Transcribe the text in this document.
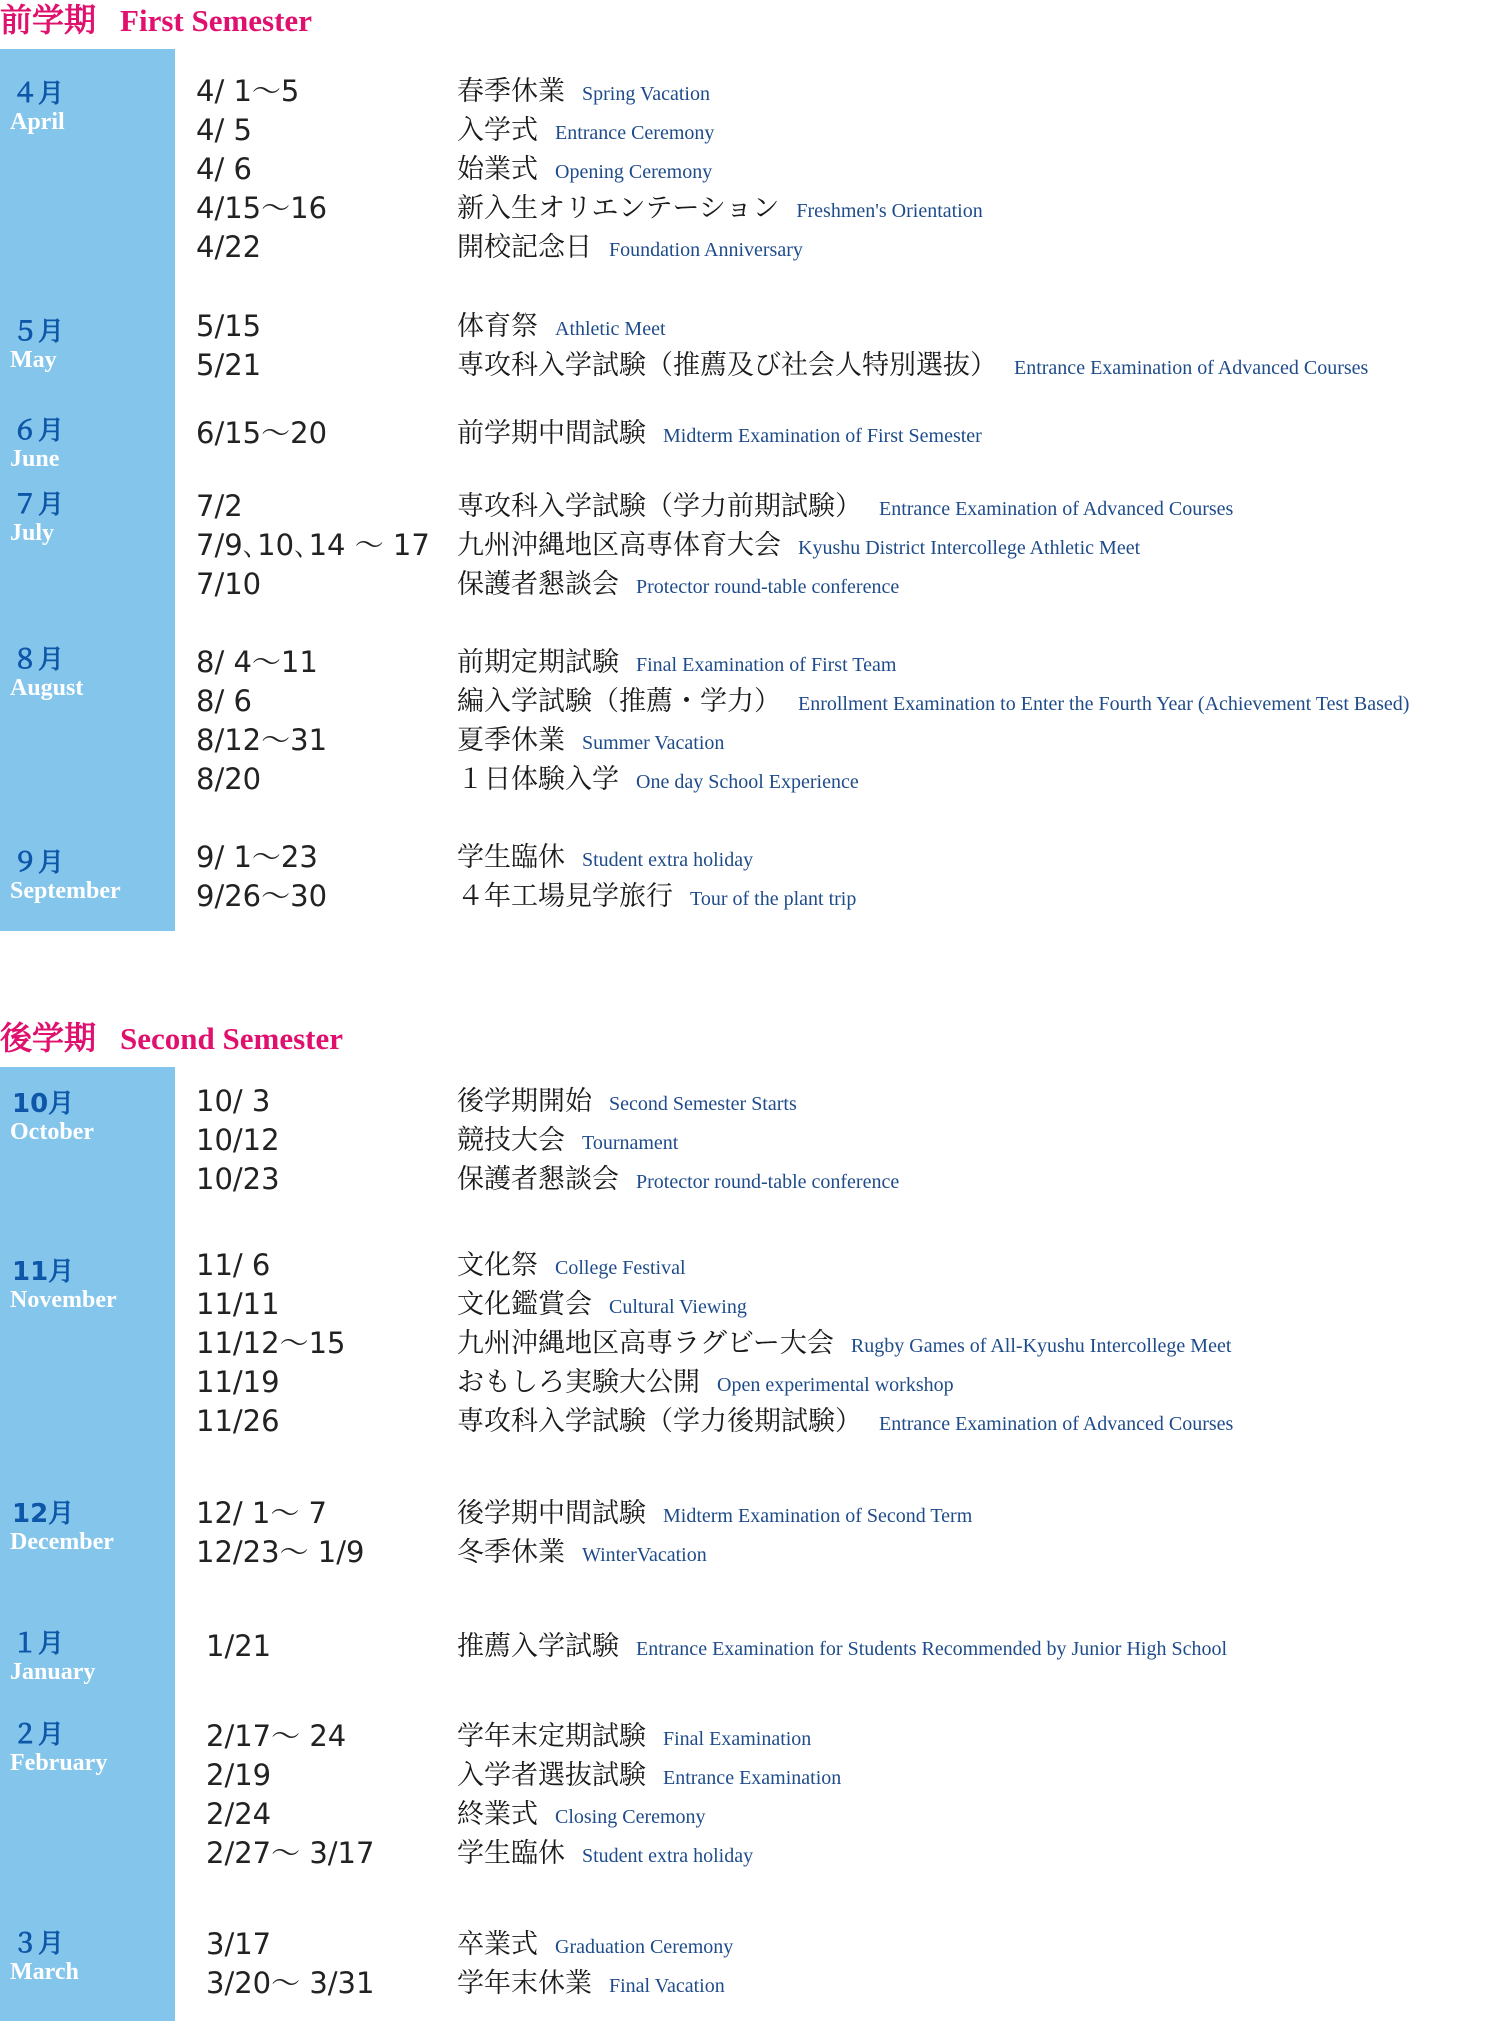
前学期 First Semester
４月
April
4/ 1～5	春季休業 Spring Vacation
4/ 5	入学式 Entrance Ceremony
4/ 6	始業式 Opening Ceremony
4/15～16	新入生オリエンテーション Freshmen's Orientation
4/22	開校記念日 Foundation Anniversary
５月
May
5/15	体育祭 Athletic Meet
5/21	専攻科入学試験（推薦及び社会人特別選抜） Entrance Examination of Advanced Courses
６月
June
6/15～20	前学期中間試験 Midterm Examination of First Semester
７月
July
7/2	専攻科入学試験（学力前期試験） Entrance Examination of Advanced Courses
7/9､10､14 ～ 17 九州沖縄地区高専体育大会 Kyushu District Intercollege Athletic Meet
7/10	保護者懇談会 Protector round-table conference
８月
August
8/ 4～11	前期定期試験 Final Examination of First Team
8/ 6	編入学試験（推薦・学力） Enrollment Examination to Enter the Fourth Year (Achievement Test Based)
8/12～31	夏季休業 Summer Vacation
8/20	１日体験入学 One day School Experience
９月
September
9/ 1～23	学生臨休 Student extra holiday
9/26～30	４年工場見学旅行 Tour of the plant trip
後学期 Second Semester
10月
October
10/ 3	後学期開始 Second Semester Starts
10/12	競技大会 Tournament
10/23	保護者懇談会 Protector round-table conference
11月
November
11/ 6	文化祭 College Festival
11/11	文化鑑賞会 Cultural Viewing
11/12～15	九州沖縄地区高専ラグビー大会 Rugby Games of All-Kyushu Intercollege Meet
11/19	おもしろ実験大公開 Open experimental workshop
11/26	専攻科入学試験（学力後期試験） Entrance Examination of Advanced Courses
12月
December
12/ 1～ 7	後学期中間試験 Midterm Examination of Second Term
12/23～ 1/9	冬季休業 WinterVacation
１月
January
1/21	推薦入学試験 Entrance Examination for Students Recommended by Junior High School
２月
February
2/17～ 24	学年末定期試験 Final Examination
2/19	入学者選抜試験 Entrance Examination
2/24	終業式 Closing Ceremony
2/27～ 3/17	学生臨休 Student extra holiday
３月
March
3/17	卒業式 Graduation Ceremony
3/20～ 3/31	学年末休業 Final Vacation
